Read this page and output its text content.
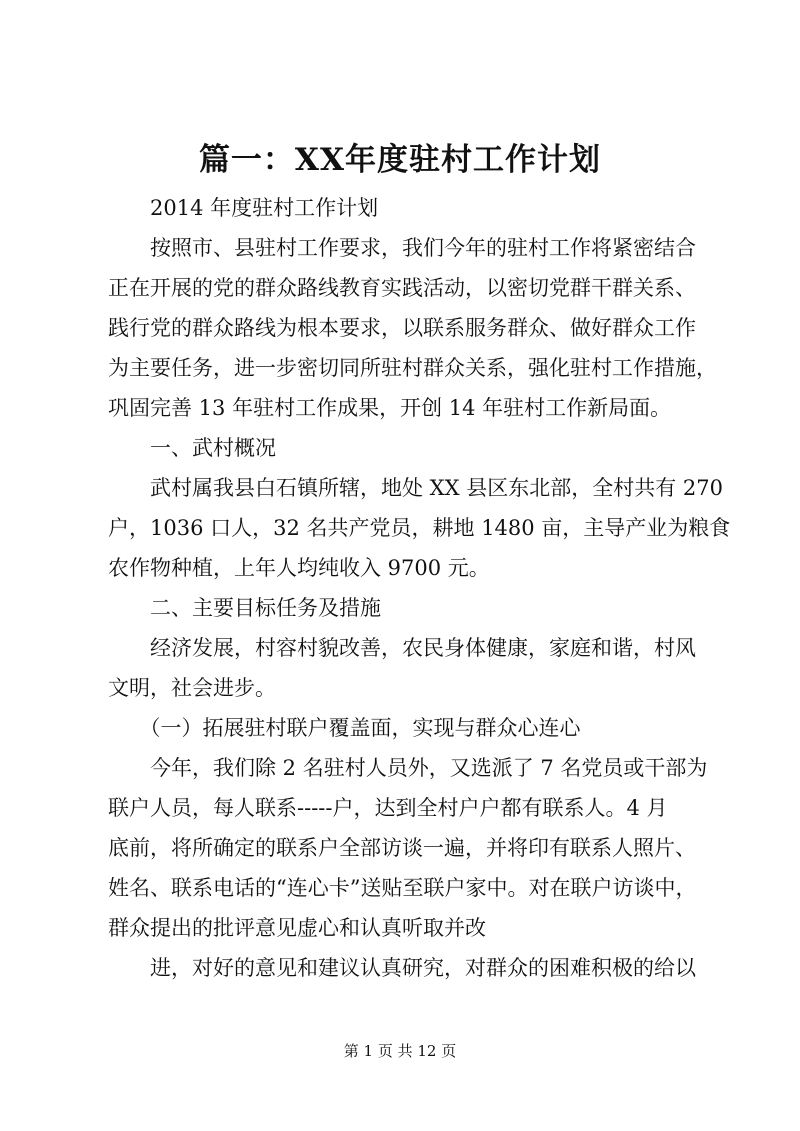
篇一：XX年度驻村工作计划
　　2014 年度驻村工作计划
　　按照市、县驻村工作要求，我们今年的驻村工作将紧密结合
正在开展的党的群众路线教育实践活动，以密切党群干群关系、
践行党的群众路线为根本要求，以联系服务群众、做好群众工作
为主要任务，进一步密切同所驻村群众关系，强化驻村工作措施，
巩固完善 13 年驻村工作成果，开创 14 年驻村工作新局面。
　　一、武村概况
　　武村属我县白石镇所辖，地处 XX 县区东北部，全村共有 270
户，1036 口人，32 名共产党员，耕地 1480 亩，主导产业为粮食
农作物种植，上年人均纯收入 9700 元。
　　二、主要目标任务及措施
　　经济发展，村容村貌改善，农民身体健康，家庭和谐，村风
文明，社会进步。
　　（一）拓展驻村联户覆盖面，实现与群众心连心
　　今年，我们除 2 名驻村人员外，又选派了 7 名党员或干部为
联户人员，每人联系-----户，达到全村户户都有联系人。4 月
底前，将所确定的联系户全部访谈一遍，并将印有联系人照片、
姓名、联系电话的“连心卡”送贴至联户家中。对在联户访谈中，
群众提出的批评意见虚心和认真听取并改
　　进，对好的意见和建议认真研究，对群众的困难积极的给以
第 1 页 共 12 页
